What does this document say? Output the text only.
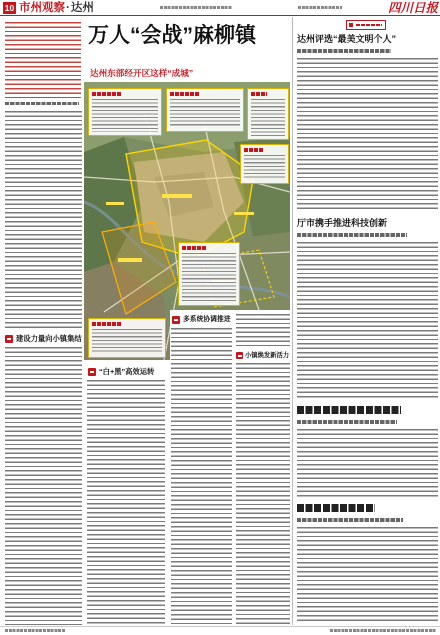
10 市州观察·达州	四川日报
万人“会战”麻柳镇
达州东部经开区这样“成城”
建设力量向小镇集结
“白+黑”高效运转
多系统协调推进
小镇焕发新活力
达州评选“最美文明个人”
厅市携手推进科技创新
